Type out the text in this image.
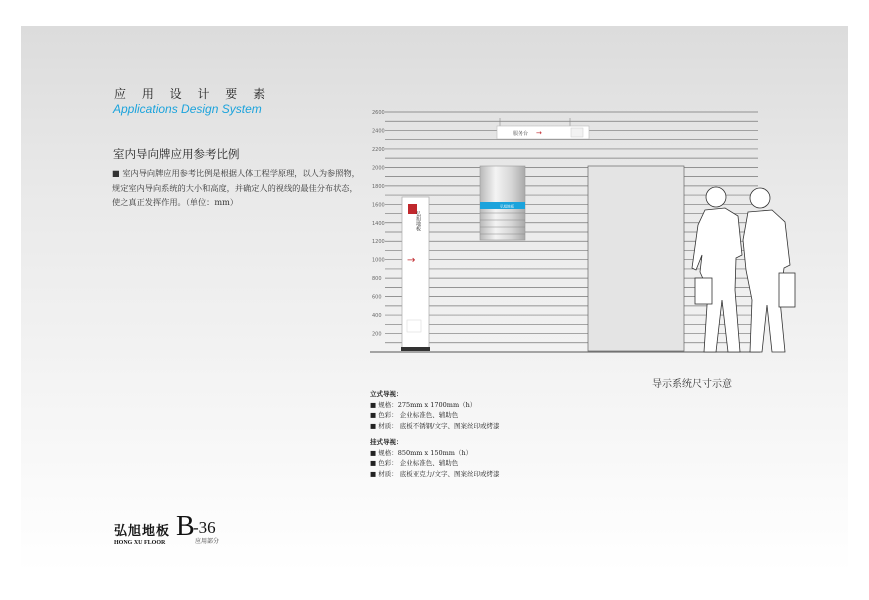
应 用 设 计 要 素
Applications Design System
室内导向牌应用参考比例
■ 室内导向牌应用参考比例是根据人体工程学原理，以人为参照物，规定室内导向系统的大小和高度，并确定人的视线的最佳分布状态，使之真正发挥作用。（单位：mm）
2600
2400
2200
2000
1800
1600
1400
1200
1000
800
600
400
200
服务台 →
弘旭地板
弘旭地板
→
导示系统尺寸示意
立式导视：
■ 规格：275mm x 1700mm（h）
■ 色彩： 企业标准色、辅助色
■ 材质： 底板不锈钢/文字、图案丝印或烤漆
挂式导视：
■ 规格：850mm x 150mm（h）
■ 色彩： 企业标准色、辅助色
■ 材质： 底板亚克力/文字、图案丝印或烤漆
弘旭地板
HONG XU FLOOR
B
-36
应用部分
